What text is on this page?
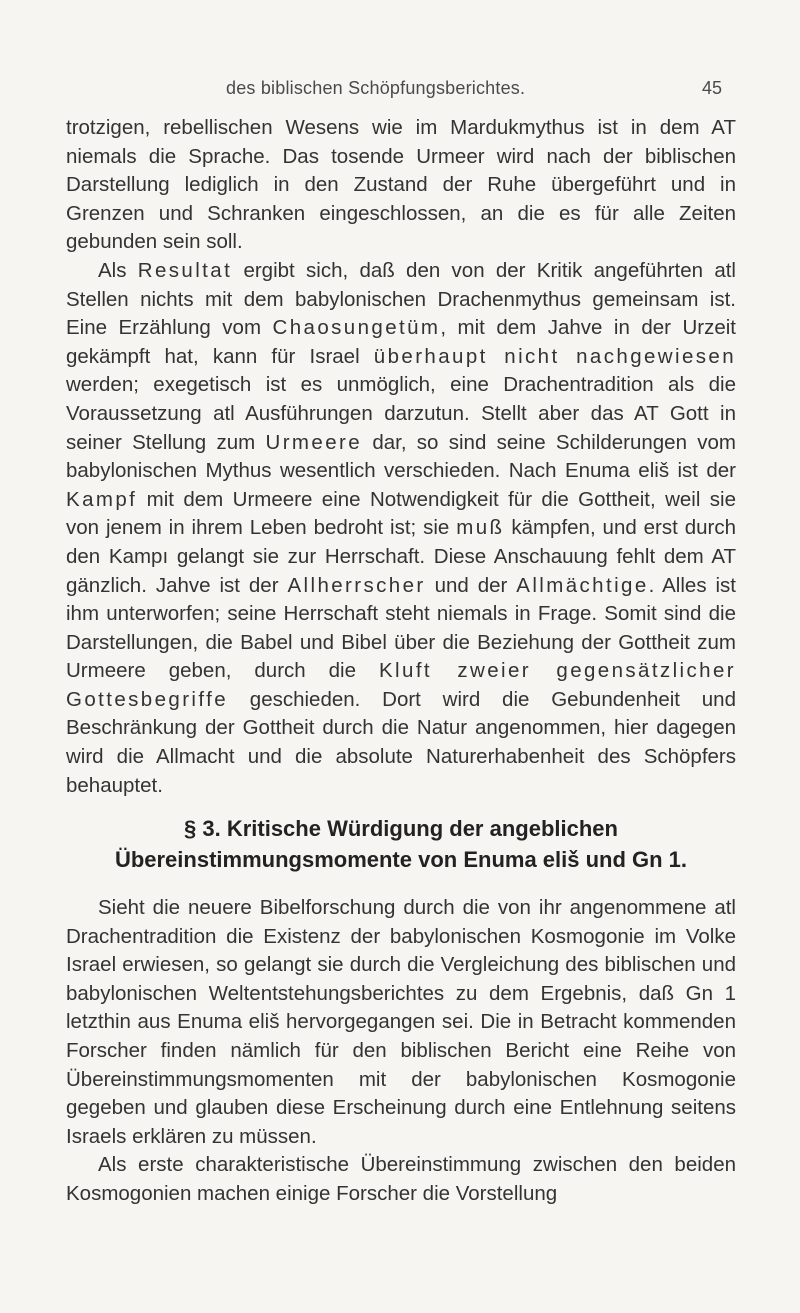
des biblischen Schöpfungsberichtes.	45

trotzigen, rebellischen Wesens wie im Mardukmythus ist in dem AT niemals die Sprache. Das tosende Urmeer wird nach der biblischen Darstellung lediglich in den Zustand der Ruhe übergeführt und in Grenzen und Schranken eingeschlossen, an die es für alle Zeiten gebunden sein soll.

Als Resultat ergibt sich, daß den von der Kritik angeführten atl Stellen nichts mit dem babylonischen Drachenmythus gemeinsam ist. Eine Erzählung vom Chaosungetüm, mit dem Jahve in der Urzeit gekämpft hat, kann für Israel überhaupt nicht nachgewiesen werden; exegetisch ist es unmöglich, eine Drachentradition als die Voraussetzung atl Ausführungen darzutun. Stellt aber das AT Gott in seiner Stellung zum Urmeere dar, so sind seine Schilderungen vom babylonischen Mythus wesentlich verschieden. Nach Enuma eliš ist der Kampf mit dem Urmeere eine Notwendigkeit für die Gottheit, weil sie von jenem in ihrem Leben bedroht ist; sie muß kämpfen, und erst durch den Kampı gelangt sie zur Herrschaft. Diese Anschauung fehlt dem AT gänzlich. Jahve ist der Allherrscher und der Allmächtige. Alles ist ihm unterworfen; seine Herrschaft steht niemals in Frage. Somit sind die Darstellungen, die Babel und Bibel über die Beziehung der Gottheit zum Urmeere geben, durch die Kluft zweier gegensätzlicher Gottesbegriffe geschieden. Dort wird die Gebundenheit und Beschränkung der Gottheit durch die Natur angenommen, hier dagegen wird die Allmacht und die absolute Naturerhabenheit des Schöpfers behauptet.

§ 3. Kritische Würdigung der angeblichen
Übereinstimmungsmomente von Enuma eliš und Gn 1.

Sieht die neuere Bibelforschung durch die von ihr angenommene atl Drachentradition die Existenz der babylonischen Kosmogonie im Volke Israel erwiesen, so gelangt sie durch die Vergleichung des biblischen und babylonischen Weltentstehungsberichtes zu dem Ergebnis, daß Gn 1 letzthin aus Enuma eliš hervorgegangen sei. Die in Betracht kommenden Forscher finden nämlich für den biblischen Bericht eine Reihe von Übereinstimmungsmomenten mit der babylonischen Kosmogonie gegeben und glauben diese Erscheinung durch eine Entlehnung seitens Israels erklären zu müssen.

Als erste charakteristische Übereinstimmung zwischen den beiden Kosmogonien machen einige Forscher die Vorstellung
